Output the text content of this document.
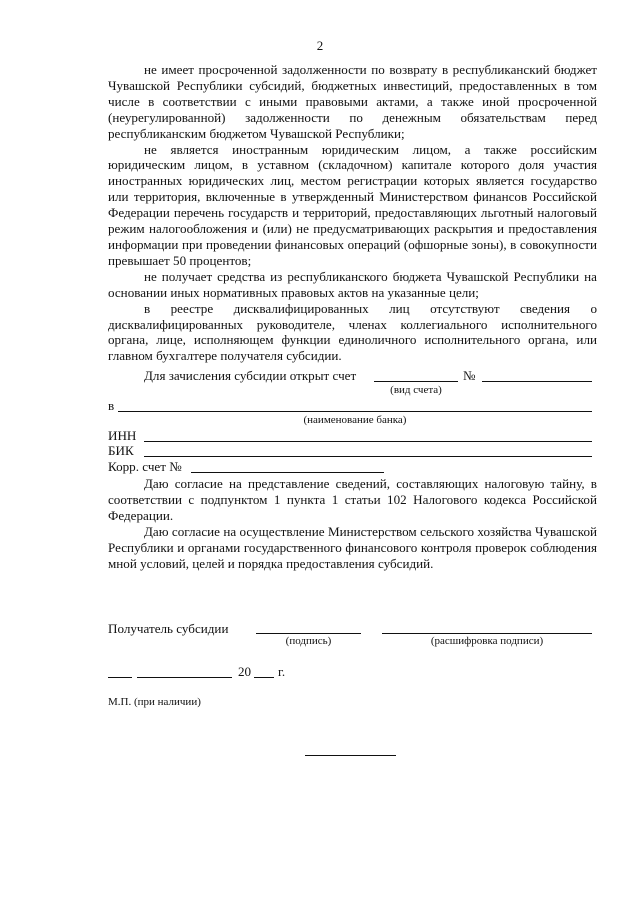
2

не имеет просроченной задолженности по возврату в республиканский бюджет Чувашской Республики субсидий, бюджетных инвестиций, предоставленных в том числе в соответствии с иными правовыми актами, а также иной просроченной (неурегулированной) задолженности по денежным обязательствам перед республиканским бюджетом Чувашской Республики;

не является иностранным юридическим лицом, а также российским юридическим лицом, в уставном (складочном) капитале которого доля участия иностранных юридических лиц, местом регистрации которых является государство или территория, включенные в утвержденный Министерством финансов Российской Федерации перечень государств и территорий, предоставляющих льготный налоговый режим налогообложения и (или) не предусматривающих раскрытия и предоставления информации при проведении финансовых операций (офшорные зоны), в совокупности превышает 50 процентов;

не получает средства из республиканского бюджета Чувашской Республики на основании иных нормативных правовых актов на указанные цели;

в реестре дисквалифицированных лиц отсутствуют сведения о дисквалифицированных руководителе, членах коллегиального исполнительного органа, лице, исполняющем функции единоличного исполнительного органа, или главном бухгалтере получателя субсидии.

Для зачисления субсидии открыт счет	№
(вид счета)
в
(наименование банка)
ИНН
БИК
Корр. счет №

Даю согласие на представление сведений, составляющих налоговую тайну, в соответствии с подпунктом 1 пункта 1 статьи 102 Налогового кодекса Российской Федерации.

Даю согласие на осуществление Министерством сельского хозяйства Чувашской Республики и органами государственного финансового контроля проверок соблюдения мной условий, целей и порядка предоставления субсидий.

Получатель субсидии
(подпись)	(расшифровка подписи)
20 г.
М.П. (при наличии)
